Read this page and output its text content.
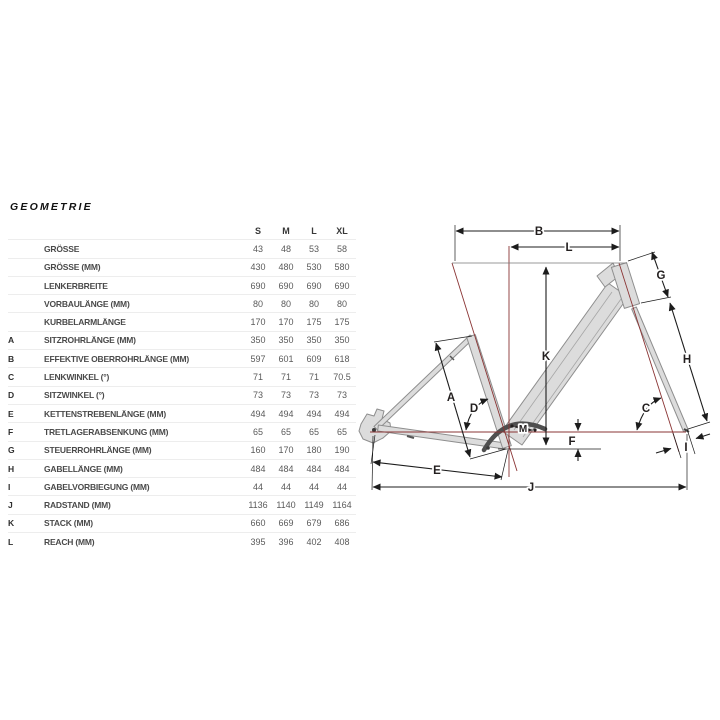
GEOMETRIE
S	M	L	XL
GRÖSSE	43	48	53	58
GRÖSSE (MM)	430	480	530	580
LENKERBREITE	690	690	690	690
VORBAULÄNGE (MM)	80	80	80	80
KURBELARMLÄNGE	170	170	175	175
A	SITZROHRLÄNGE (MM)	350	350	350	350
B	EFFEKTIVE OBERROHRLÄNGE (MM)	597	601	609	618
C	LENKWINKEL (°)	71	71	71	70.5
D	SITZWINKEL (°)	73	73	73	73
E	KETTENSTREBENLÄNGE (MM)	494	494	494	494
F	TRETLAGERABSENKUNG (MM)	65	65	65	65
G	STEUERROHRLÄNGE (MM)	160	170	180	190
H	GABELLÄNGE (MM)	484	484	484	484
I	GABELVORBIEGUNG (MM)	44	44	44	44
J	RADSTAND (MM)	1136 1140 1149 1164
K	STACK (MM)	660	669	679	686
L	REACH (MM)	395	396	402	408
A
B
C
D
E
F
G
H
I
J
K
L
M
